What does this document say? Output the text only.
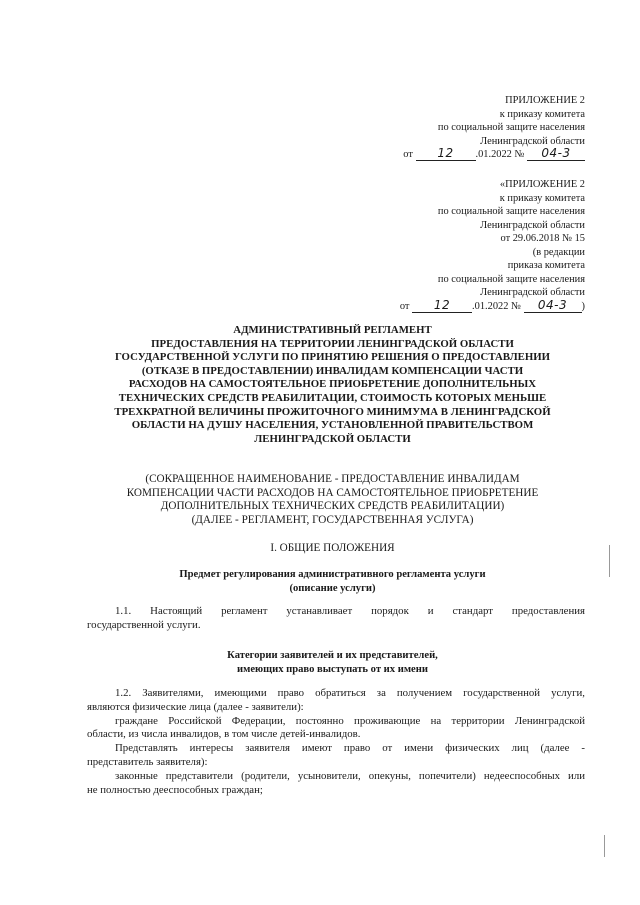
ПРИЛОЖЕНИЕ 2
к приказу комитета
по социальной защите населения
Ленинградской области
от 12 .01.2022 № 04-3
«ПРИЛОЖЕНИЕ 2
к приказу комитета
по социальной защите населения
Ленинградской области
от 29.06.2018 № 15
(в редакции
приказа комитета
по социальной защите населения
Ленинградской области
от 12 .01.2022 № 04-3 )
АДМИНИСТРАТИВНЫЙ РЕГЛАМЕНТ
ПРЕДОСТАВЛЕНИЯ НА ТЕРРИТОРИИ ЛЕНИНГРАДСКОЙ ОБЛАСТИ
ГОСУДАРСТВЕННОЙ УСЛУГИ ПО ПРИНЯТИЮ РЕШЕНИЯ О ПРЕДОСТАВЛЕНИИ
(ОТКАЗЕ В ПРЕДОСТАВЛЕНИИ) ИНВАЛИДАМ КОМПЕНСАЦИИ ЧАСТИ
РАСХОДОВ НА САМОСТОЯТЕЛЬНОЕ ПРИОБРЕТЕНИЕ ДОПОЛНИТЕЛЬНЫХ
ТЕХНИЧЕСКИХ СРЕДСТВ РЕАБИЛИТАЦИИ, СТОИМОСТЬ КОТОРЫХ МЕНЬШЕ
ТРЕХКРАТНОЙ ВЕЛИЧИНЫ ПРОЖИТОЧНОГО МИНИМУМА В ЛЕНИНГРАДСКОЙ
ОБЛАСТИ НА ДУШУ НАСЕЛЕНИЯ, УСТАНОВЛЕННОЙ ПРАВИТЕЛЬСТВОМ
ЛЕНИНГРАДСКОЙ ОБЛАСТИ
(СОКРАЩЕННОЕ НАИМЕНОВАНИЕ - ПРЕДОСТАВЛЕНИЕ ИНВАЛИДАМ
КОМПЕНСАЦИИ ЧАСТИ РАСХОДОВ НА САМОСТОЯТЕЛЬНОЕ ПРИОБРЕТЕНИЕ
ДОПОЛНИТЕЛЬНЫХ ТЕХНИЧЕСКИХ СРЕДСТВ РЕАБИЛИТАЦИИ)
(ДАЛЕЕ - РЕГЛАМЕНТ, ГОСУДАРСТВЕННАЯ УСЛУГА)
I. ОБЩИЕ ПОЛОЖЕНИЯ
Предмет регулирования административного регламента услуги
(описание услуги)

1.1. Настоящий регламент устанавливает порядок и стандарт предоставления

государственной услуги.

Категории заявителей и их представителей,
имеющих право выступать от их имени

1.2. Заявителями, имеющими право обратиться за получением государственной услуги,

являются физические лица (далее - заявители):

граждане Российской Федерации, постоянно проживающие на территории Ленинградской

области, из числа инвалидов, в том числе детей-инвалидов.

Представлять интересы заявителя имеют право от имени физических лиц (далее -

представитель заявителя):

законные представители (родители, усыновители, опекуны, попечители) недееспособных или

не полностью дееспособных граждан;
